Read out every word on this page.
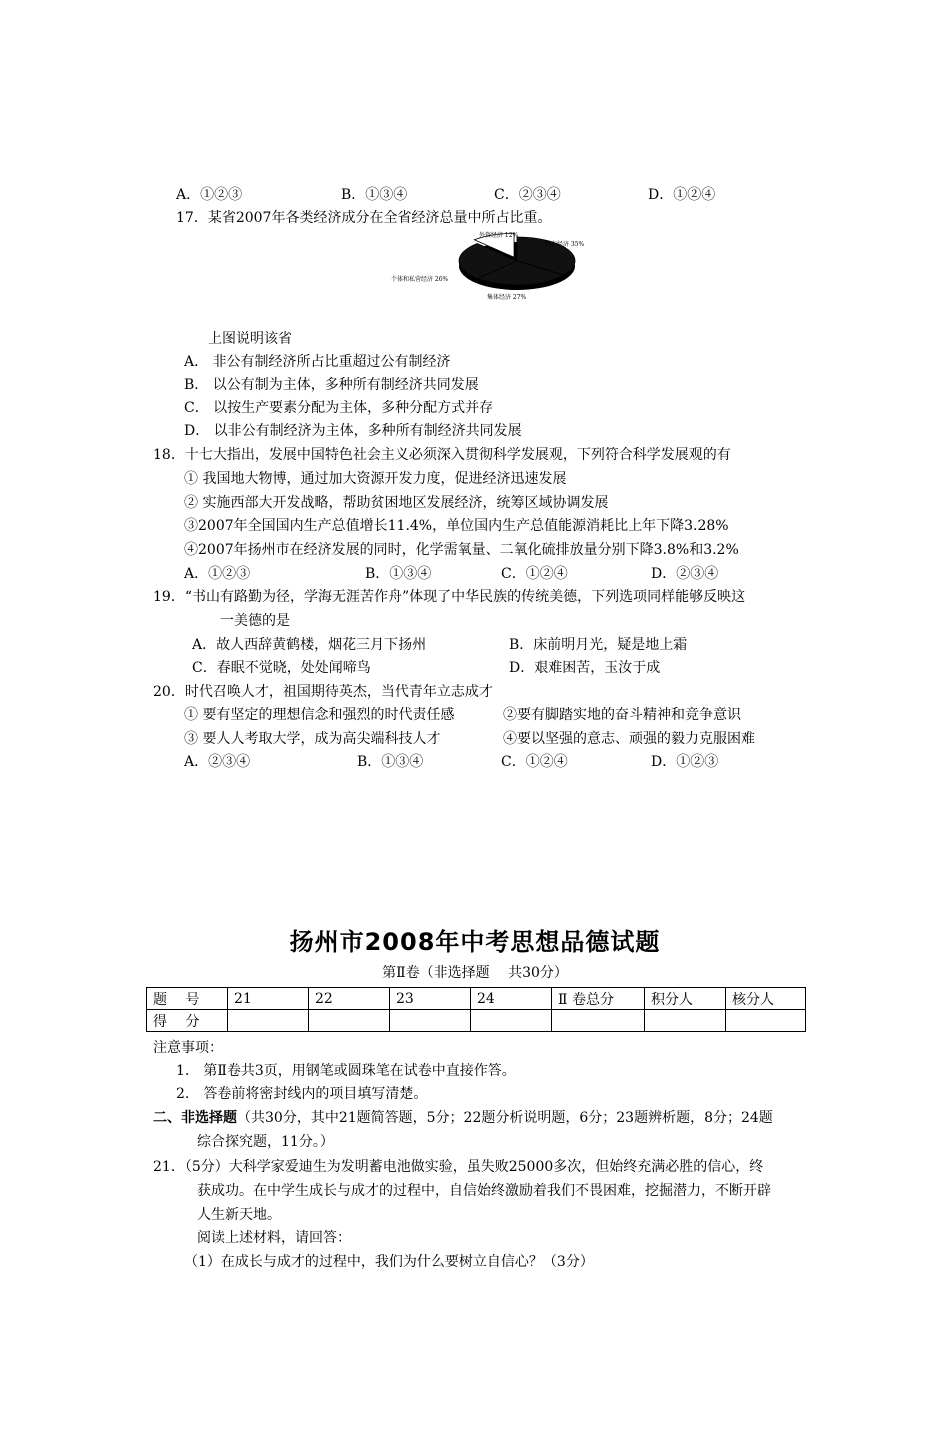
A．①②③	B．①③④	C．②③④	D．①②④
17．某省2007年各类经济成分在全省经济总量中所占比重。
个体和私营经济 26%
外资经济 12%
国有经济 35%
集体经济 27%
上图说明该省
A． 非公有制经济所占比重超过公有制经济
B． 以公有制为主体，多种所有制经济共同发展
C． 以按生产要素分配为主体，多种分配方式并存
D． 以非公有制经济为主体，多种所有制经济共同发展
18．十七大指出，发展中国特色社会主义必须深入贯彻科学发展观，下列符合科学发展观的有
① 我国地大物博，通过加大资源开发力度，促进经济迅速发展
② 实施西部大开发战略，帮助贫困地区发展经济，统筹区域协调发展
③2007年全国国内生产总值增长11.4%，单位国内生产总值能源消耗比上年下降3.28%
④2007年扬州市在经济发展的同时，化学需氧量、二氧化硫排放量分别下降3.8%和3.2%
A．①②③	B．①③④	C．①②④	D．②③④
19．“书山有路勤为径，学海无涯苦作舟”体现了中华民族的传统美德，下列选项同样能够反映这
一美德的是
A．故人西辞黄鹤楼，烟花三月下扬州	B．床前明月光，疑是地上霜
C．春眠不觉晓，处处闻啼鸟	D．艰难困苦，玉汝于成
20．时代召唤人才，祖国期待英杰，当代青年立志成才
① 要有坚定的理想信念和强烈的时代责任感	②要有脚踏实地的奋斗精神和竞争意识
③ 要人人考取大学，成为高尖端科技人才	④要以坚强的意志、顽强的毅力克服困难
A．②③④	B．①③④	C．①②④	D．①②③
扬州市2008年中考思想品德试题
第Ⅱ卷（非选择题　 共30分）
题　 号	21	22	23	24	Ⅱ 卷总分	积分人	核分人
得　 分							
注意事项：
1.　第Ⅱ卷共3页，用钢笔或圆珠笔在试卷中直接作答。
2.　答卷前将密封线内的项目填写清楚。
二、非选择题（共30分，其中21题简答题，5分；22题分析说明题，6分；23题辨析题，8分；24题
综合探究题，11分。）
21．（5分）大科学家爱迪生为发明蓄电池做实验，虽失败25000多次，但始终充满必胜的信心，终
获成功。在中学生成长与成才的过程中，自信始终激励着我们不畏困难，挖掘潜力，不断开辟
人生新天地。
阅读上述材料，请回答：
（1）在成长与成才的过程中，我们为什么要树立自信心？（3分）
